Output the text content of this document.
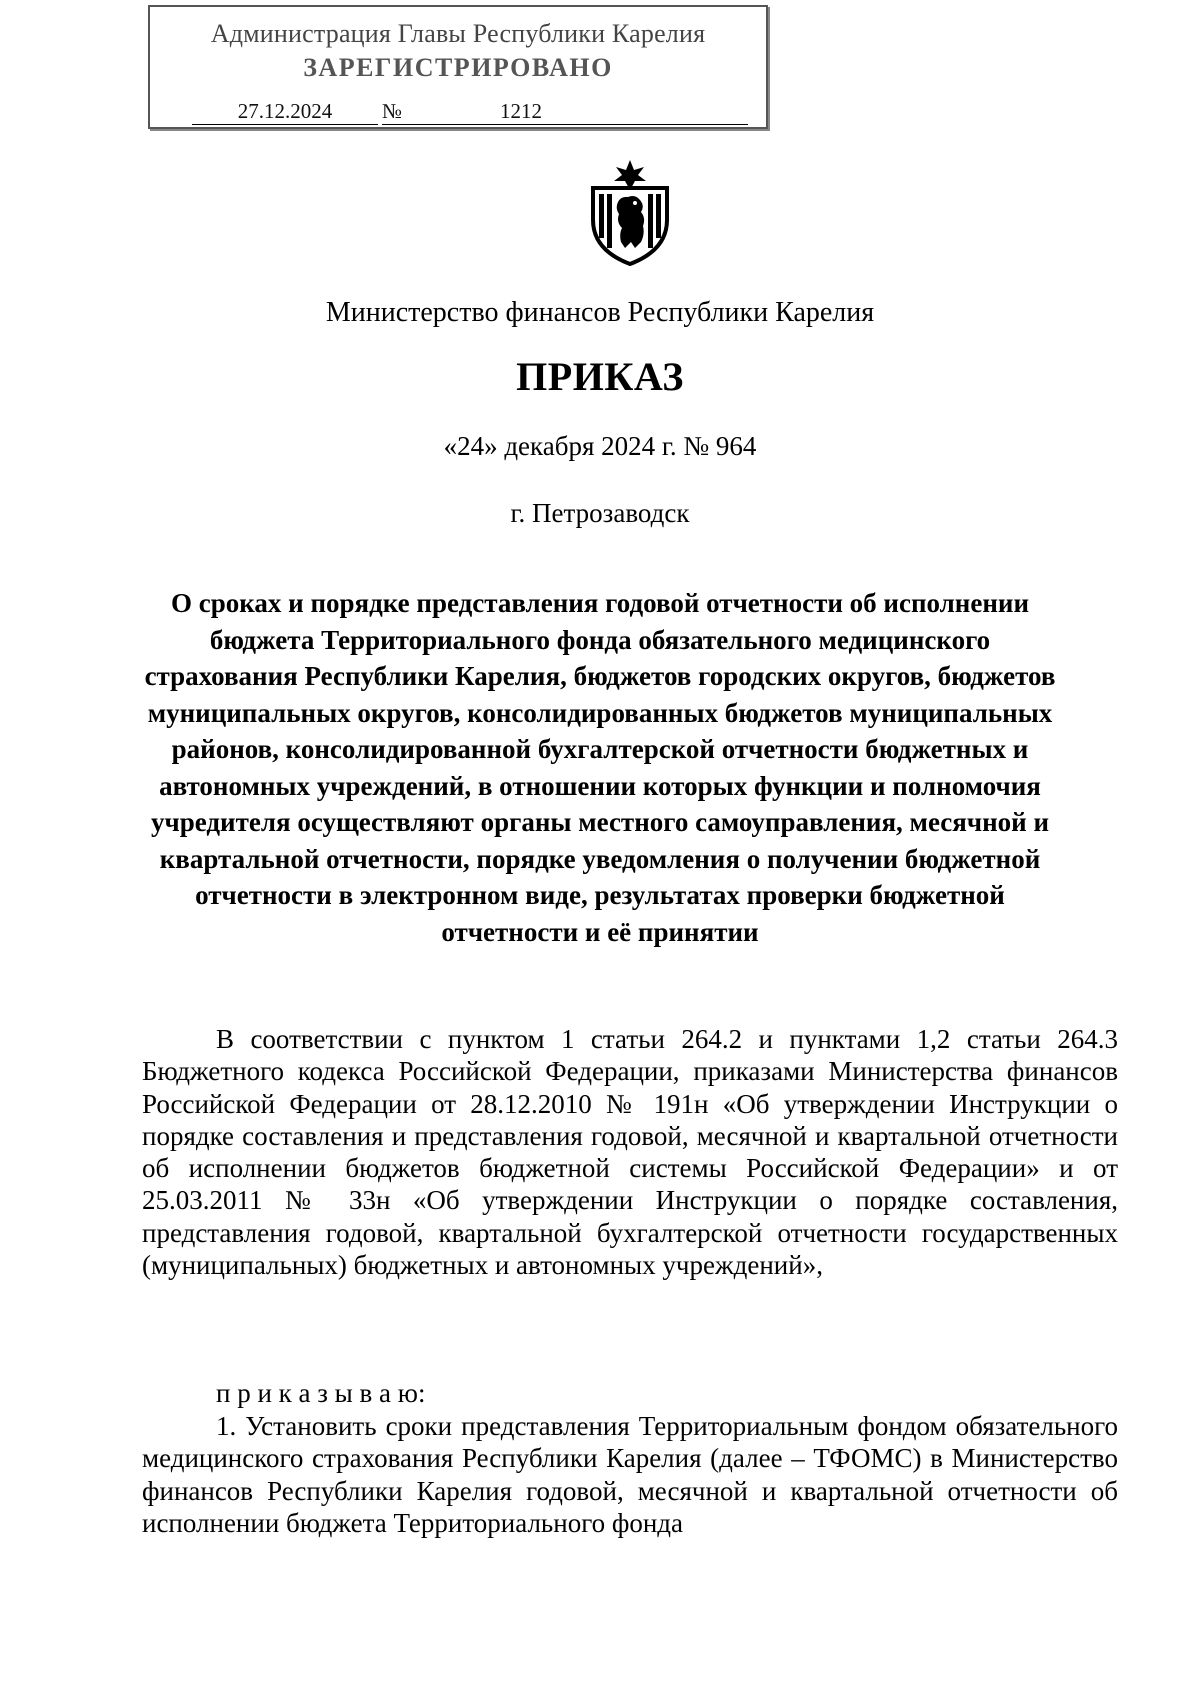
Администрация Главы Республики Карелия
ЗАРЕГИСТРИРОВАНО
27.12.2024	№	1212
Министерство финансов Республики Карелия
ПРИКАЗ
«24» декабря 2024 г. № 964
г. Петрозаводск

О сроках и порядке представления годовой отчетности об исполнении бюджета Территориального фонда обязательного медицинского страхования Республики Карелия, бюджетов городских округов, бюджетов муниципальных округов, консолидированных бюджетов муниципальных районов, консолидированной бухгалтерской отчетности бюджетных и автономных учреждений, в отношении которых функции и полномочия учредителя осуществляют органы местного самоуправления, месячной и квартальной отчетности, порядке уведомления о получении бюджетной отчетности в электронном виде, результатах проверки бюджетной отчетности и её принятии

В соответствии с пунктом 1 статьи 264.2 и пунктами 1,2 статьи 264.3 Бюджетного кодекса Российской Федерации, приказами Министерства финансов Российской Федерации от 28.12.2010 № 191н «Об утверждении Инструкции о порядке составления и представления годовой, месячной и квартальной отчетности об исполнении бюджетов бюджетной системы Российской Федерации» и от 25.03.2011 № 33н «Об утверждении Инструкции о порядке составления, представления годовой, квартальной бухгалтерской отчетности государственных (муниципальных) бюджетных и автономных учреждений»,

п р и к а з ы в а ю:

1. Установить сроки представления Территориальным фондом обязательного медицинского страхования Республики Карелия (далее – ТФОМС) в Министерство финансов Республики Карелия годовой, месячной и квартальной отчетности об исполнении бюджета Территориального фонда
